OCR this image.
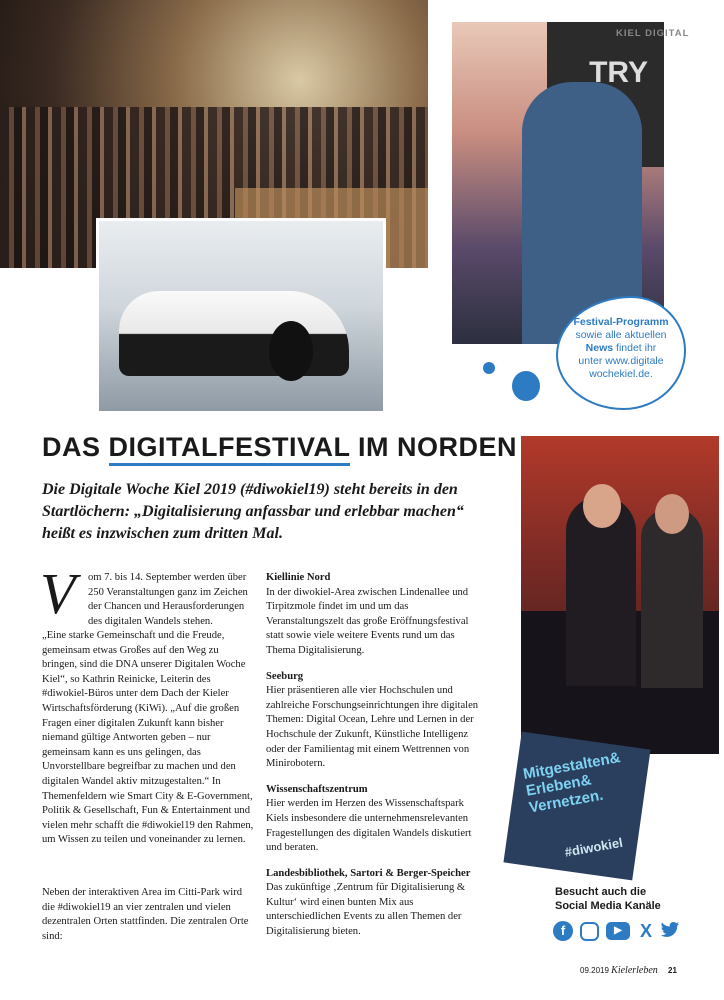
TRY
KIEL DIGITAL
Festival-Programm
sowie alle aktuellen
News findet ihr
unter www.digitale
wochekiel.de.
DAS DIGITALFESTIVAL IM NORDEN
Die Digitale Woche Kiel 2019 (#diwokiel19) steht bereits in den Startlöchern: „Digitalisierung anfassbar und erlebbar machen“ heißt es inzwischen zum dritten Mal.
Mitgestalten& Erleben& Vernetzen.
#diwokiel
V om 7. bis 14. September werden über 250 Veranstaltungen ganz im Zeichen der Chancen und Herausforderungen des digitalen Wandels stehen.
„Eine starke Gemeinschaft und die Freude, gemeinsam etwas Großes auf den Weg zu bringen, sind die DNA unserer Digitalen Woche Kiel“, so Kathrin Reinicke, Leiterin des #diwokiel-Büros unter dem Dach der Kieler Wirtschaftsförderung (KiWi). „Auf die großen Fragen einer digitalen Zukunft kann bisher niemand gültige Antworten geben – nur gemeinsam kann es uns gelingen, das Unvorstellbare begreifbar zu machen und den digitalen Wandel aktiv mitzugestalten.“ In Themenfeldern wie Smart City & E-Government, Politik & Gesellschaft, Fun & Entertainment und vielen mehr schafft die #diwokiel19 den Rahmen, um Wissen zu teilen und voneinander zu lernen.
Neben der interaktiven Area im Citti-Park wird die #diwokiel19 an vier zentralen und vielen dezentralen Orten stattfinden. Die zentralen Orte sind:
Kiellinie Nord
In der diwokiel-Area zwischen Lindenallee und Tirpitzmole findet im und um das Veranstaltungszelt das große Eröffnungsfestival statt sowie viele weitere Events rund um das Thema Digitalisierung.
Seeburg
Hier präsentieren alle vier Hochschulen und zahlreiche Forschungseinrichtungen ihre digitalen Themen: Digital Ocean, Lehre und Lernen in der Hochschule der Zukunft, Künstliche Intelligenz oder der Familientag mit einem Wettrennen von Minirobotern.
Wissenschaftszentrum
Hier werden im Herzen des Wissenschaftspark Kiels insbesondere die unternehmensrelevanten Fragestellungen des digitalen Wandels diskutiert und beraten.
Landesbibliothek, Sartori & Berger-Speicher
Das zukünftige ‚Zentrum für Digitalisierung & Kultur‘ wird einen bunten Mix aus unterschiedlichen Events zu allen Themen der Digitalisierung bieten.
Besucht auch die
Social Media Kanäle
f	▶	X
09.2019 Kielerleben 21
